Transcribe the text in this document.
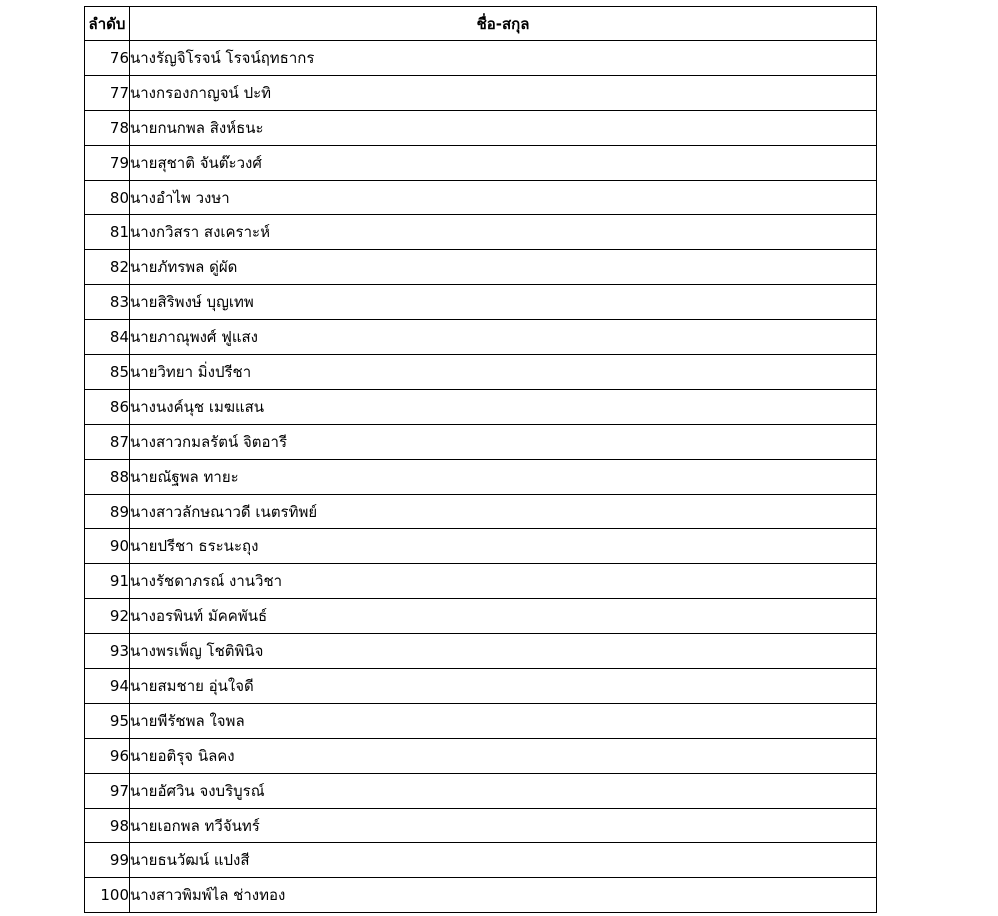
ลำดับ	ชื่อ-สกุล
76	นางรัญจิโรจน์ โรจน์ฤทธากร
77	นางกรองกาญจน์ ปะทิ
78	นายกนกพล สิงห์ธนะ
79	นายสุชาติ จันต๊ะวงศ์
80	นางอำไพ วงษา
81	นางกวิสรา สงเคราะห์
82	นายภัทรพล ดู่ผัด
83	นายสิริพงษ์ บุญเทพ
84	นายภาณุพงศ์ ฟูแสง
85	นายวิทยา มิ่งปรีชา
86	นางนงค์นุช เมฆแสน
87	นางสาวกมลรัตน์ จิตอารี
88	นายณัฐพล ทายะ
89	นางสาวลักษณาวดี เนตรทิพย์
90	นายปรีชา ธระนะถุง
91	นางรัชดาภรณ์ งานวิชา
92	นางอรพินท์ มัคคพันธ์
93	นางพรเพ็ญ โชติพินิจ
94	นายสมชาย อุ่นใจดี
95	นายพีรัชพล ใจพล
96	นายอติรุจ นิลคง
97	นายอัศวิน จงบริบูรณ์
98	นายเอกพล ทวีจันทร์
99	นายธนวัฒน์ แปงสี
100	นางสาวพิมพ์ไล ช่างทอง
